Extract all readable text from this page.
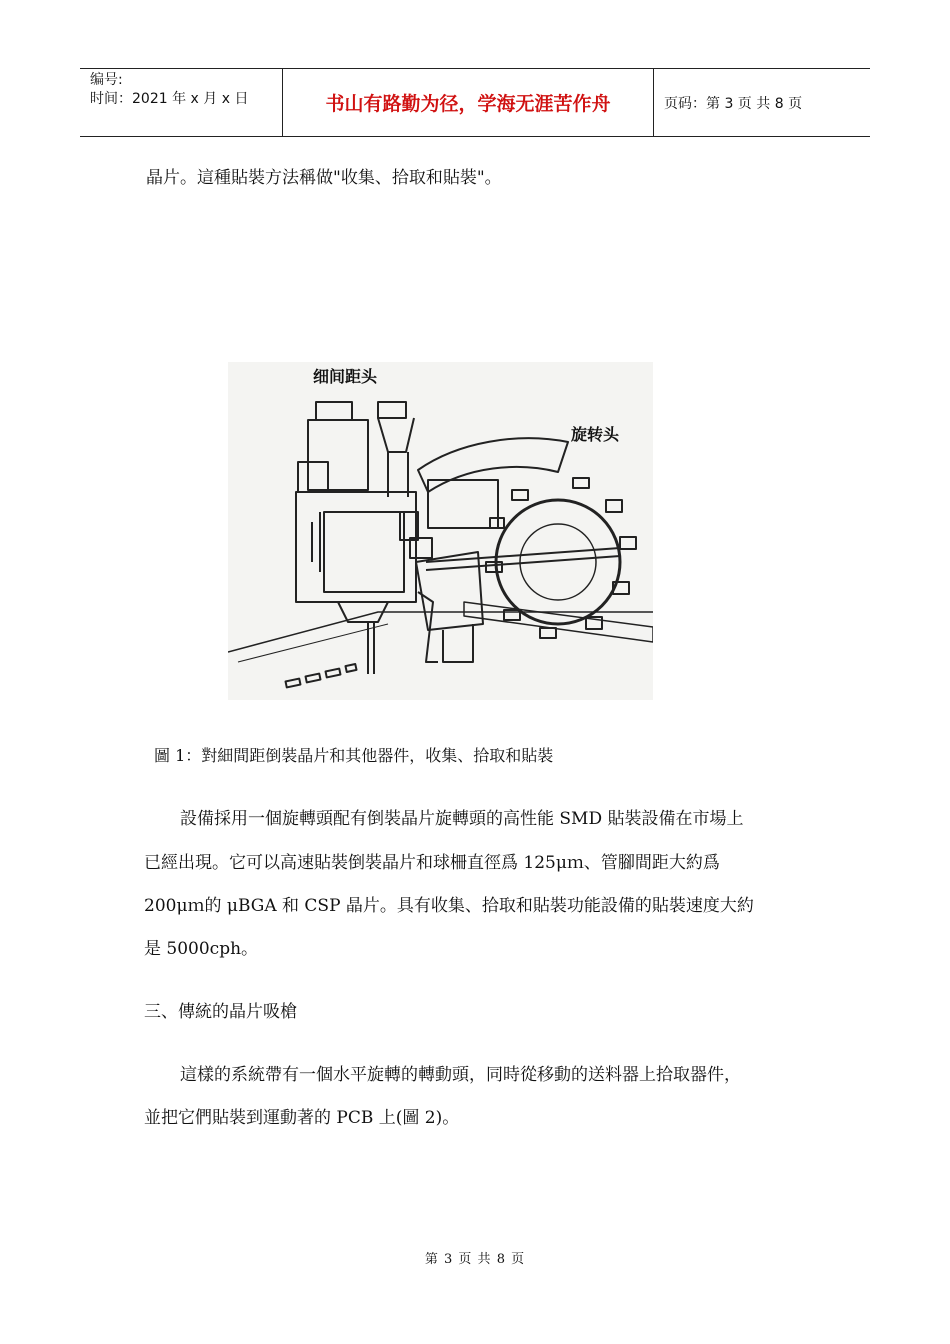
编号:
时间：2021 年 x 月 x 日	书山有路勤为径，学海无涯苦作舟	页码：第 3 页 共 8 页
晶片。這種貼裝方法稱做"收集、拾取和貼裝"。
细间距头
旋转头
圖 1：對細間距倒裝晶片和其他器件，收集、拾取和貼裝
設備採用一個旋轉頭配有倒裝晶片旋轉頭的高性能 SMD 貼裝設備在市場上
已經出現。它可以高速貼裝倒裝晶片和球柵直徑爲 125μｍ、管腳間距大約爲
200μｍ的 μBGA 和 CSP 晶片。具有收集、拾取和貼裝功能設備的貼裝速度大約
是 5000cph。
三、傳統的晶片吸槍
這樣的系統帶有一個水平旋轉的轉動頭，同時從移動的送料器上拾取器件，
並把它們貼裝到運動著的 PCB 上(圖 2)。
第 3 页 共 8 页
